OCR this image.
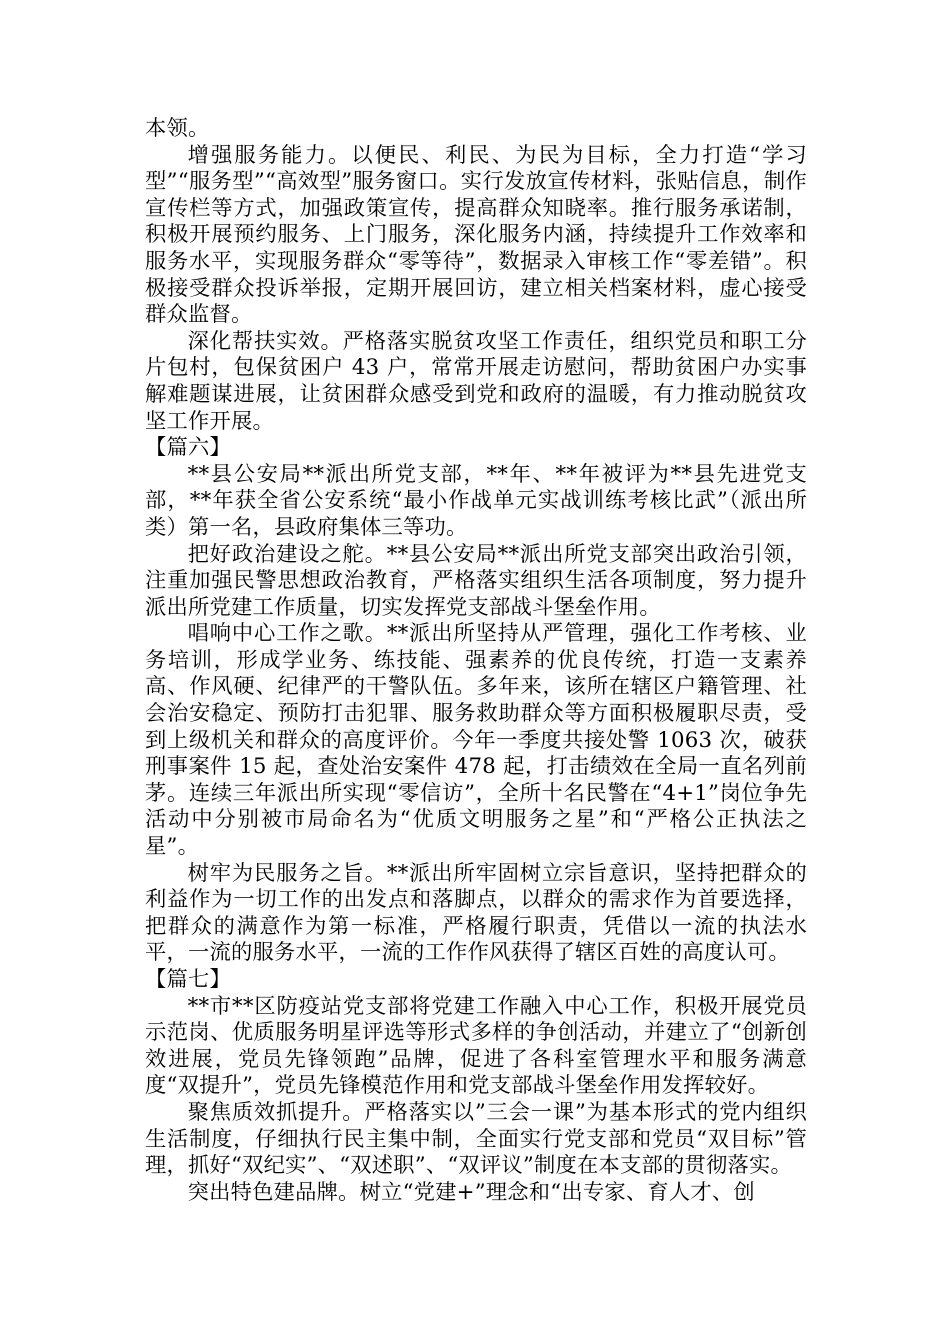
本领。

增强服务能力。以便民、利民、为民为目标，全力打造“学习型”“服务型”“高效型”服务窗口。实行发放宣传材料，张贴信息，制作宣传栏等方式，加强政策宣传，提高群众知晓率。推行服务承诺制，积极开展预约服务、上门服务，深化服务内涵，持续提升工作效率和服务水平，实现服务群众“零等待”，数据录入审核工作“零差错”。积极接受群众投诉举报，定期开展回访，建立相关档案材料，虚心接受群众监督。

深化帮扶实效。严格落实脱贫攻坚工作责任，组织党员和职工分片包村，包保贫困户 43 户，常常开展走访慰问，帮助贫困户办实事解难题谋进展，让贫困群众感受到党和政府的温暖，有力推动脱贫攻坚工作开展。

【篇六】

**县公安局**派出所党支部，**年、**年被评为**县先进党支部，**年获全省公安系统“最小作战单元实战训练考核比武”（派出所类）第一名，县政府集体三等功。

把好政治建设之舵。**县公安局**派出所党支部突出政治引领，注重加强民警思想政治教育，严格落实组织生活各项制度，努力提升派出所党建工作质量，切实发挥党支部战斗堡垒作用。

唱响中心工作之歌。**派出所坚持从严管理，强化工作考核、业务培训，形成学业务、练技能、强素养的优良传统，打造一支素养高、作风硬、纪律严的干警队伍。多年来，该所在辖区户籍管理、社会治安稳定、预防打击犯罪、服务救助群众等方面积极履职尽责，受到上级机关和群众的高度评价。今年一季度共接处警 1063 次，破获刑事案件 15 起，查处治安案件 478 起，打击绩效在全局一直名列前茅。连续三年派出所实现“零信访”，全所十名民警在“4+1”岗位争先活动中分别被市局命名为“优质文明服务之星”和“严格公正执法之星”。

树牢为民服务之旨。**派出所牢固树立宗旨意识，坚持把群众的利益作为一切工作的出发点和落脚点，以群众的需求作为首要选择，把群众的满意作为第一标准，严格履行职责，凭借以一流的执法水平，一流的服务水平，一流的工作作风获得了辖区百姓的高度认可。

【篇七】

**市**区防疫站党支部将党建工作融入中心工作，积极开展党员示范岗、优质服务明星评选等形式多样的争创活动，并建立了“创新创效进展，党员先锋领跑”品牌，促进了各科室管理水平和服务满意度“双提升”，党员先锋模范作用和党支部战斗堡垒作用发挥较好。

聚焦质效抓提升。严格落实以”三会一课”为基本形式的党内组织生活制度，仔细执行民主集中制，全面实行党支部和党员“双目标”管理，抓好“双纪实”、“双述职”、“双评议”制度在本支部的贯彻落实。

突出特色建品牌。树立“党建+”理念和“出专家、育人才、创
